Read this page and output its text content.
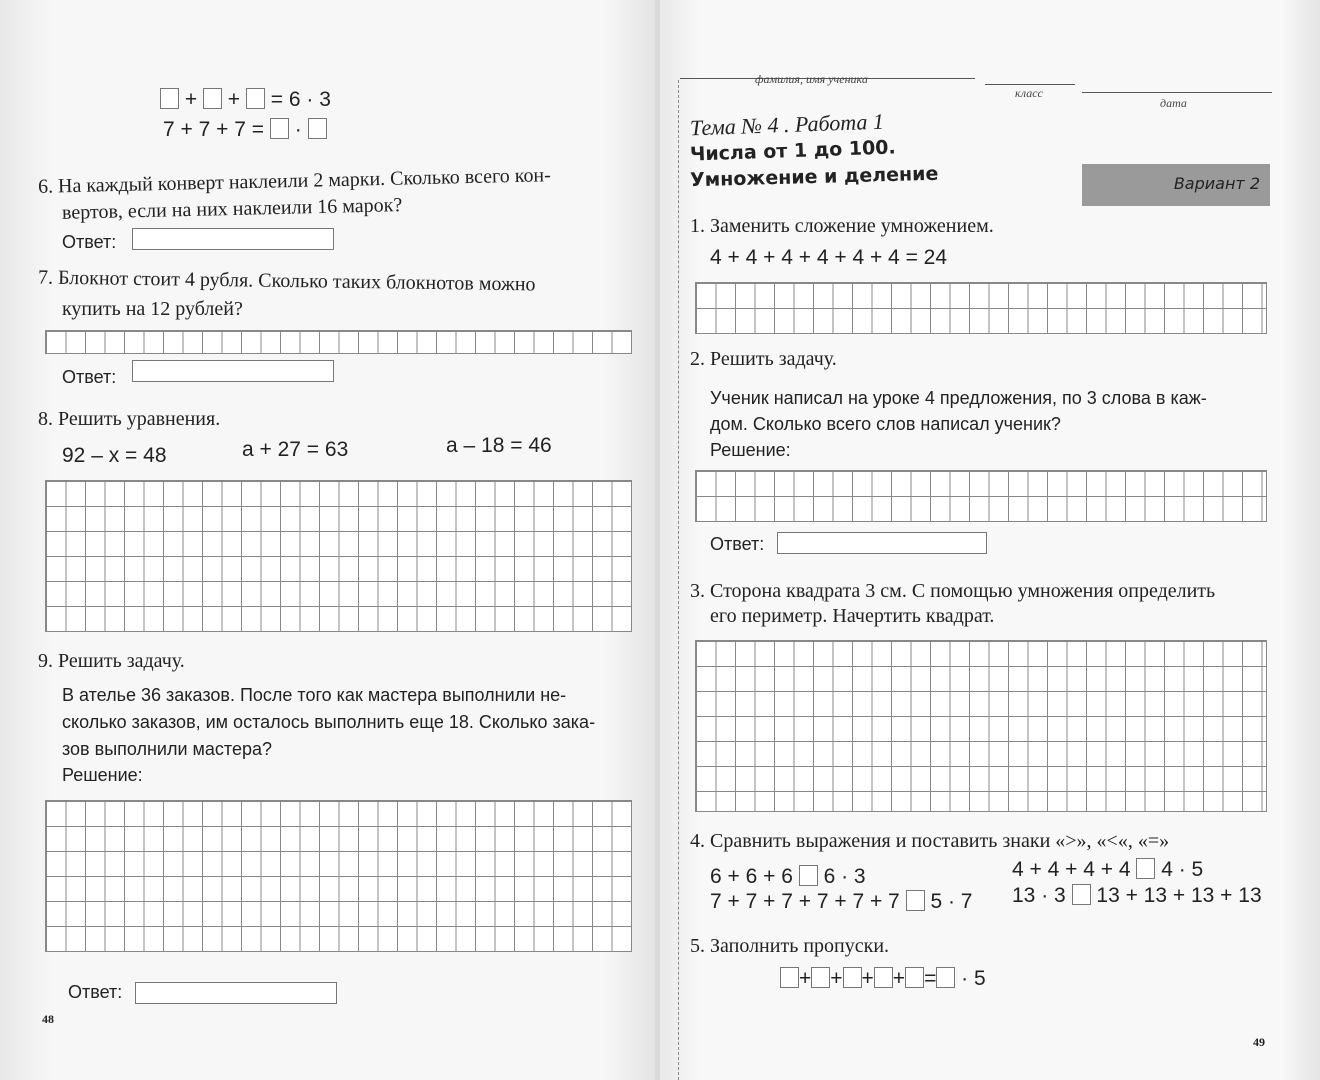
+ + = 6 · 3
7 + 7 + 7 =  ·
6. На каждый конверт наклеили 2 марки. Сколько всего кон-
вертов, если на них наклеили 16 марок?
Ответ:
7. Блокнот стоит 4 рубля. Сколько таких блокнотов можно
купить на 12 рублей?
Ответ:
8. Решить уравнения.
92 – x = 48	a + 27 = 63	a – 18 = 46
9. Решить задачу.
В ателье 36 заказов. После того как мастера выполнили не-
сколько заказов, им осталось выполнить еще 18. Сколько зака-
зов выполнили мастера?
Решение:
Ответ:
48
фамилия, имя ученика
класс
дата
Тема № 4 . Работа 1
Числа от 1 до 100.
Умножение и деление	Вариант 2
1. Заменить сложение умножением.
4 + 4 + 4 + 4 + 4 + 4 = 24
2. Решить задачу.
Ученик написал на уроке 4 предложения, по 3 слова в каж-
дом. Сколько всего слов написал ученик?
Решение:
Ответ:
3. Сторона квадрата 3 см. С помощью умножения определить
его периметр. Начертить квадрат.
4. Сравнить выражения и поставить знаки «>», «<«, «=»
6 + 6 + 6 6 · 3	4 + 4 + 4 + 4 4 · 5
7 + 7 + 7 + 7 + 7 + 7 5 · 7 13 · 3 13 + 13 + 13 + 13
5. Заполнить пропуски.
+ + + + = · 5
49
